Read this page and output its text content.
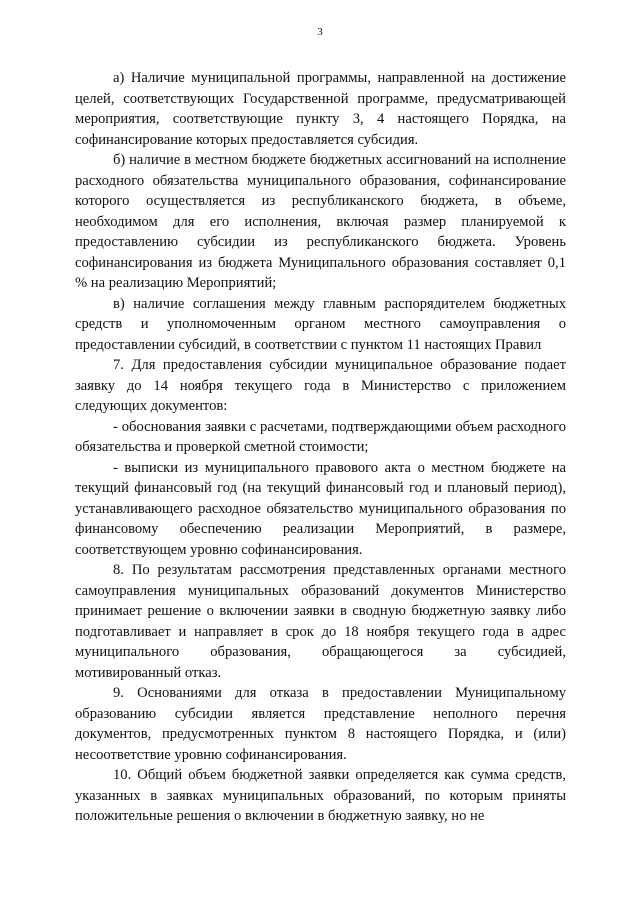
3

а) Наличие муниципальной программы, направленной на достижение целей, соответствующих Государственной программе, предусматривающей мероприятия, соответствующие пункту 3, 4 настоящего Порядка, на софинансирование которых предоставляется субсидия.

б) наличие в местном бюджете бюджетных ассигнований на исполнение расходного обязательства муниципального образования, софинансирование которого осуществляется из республиканского бюджета, в объеме, необходимом для его исполнения, включая размер планируемой к предоставлению субсидии из республиканского бюджета. Уровень софинансирования из бюджета Муниципального образования составляет 0,1 % на реализацию Мероприятий;

в) наличие соглашения между главным распорядителем бюджетных средств и уполномоченным органом местного самоуправления о предоставлении субсидий, в соответствии с пунктом 11 настоящих Правил

7. Для предоставления субсидии муниципальное образование подает заявку до 14 ноября текущего года в Министерство с приложением следующих документов:

- обоснования заявки с расчетами, подтверждающими объем расходного обязательства и проверкой сметной стоимости;

- выписки из муниципального правового акта о местном бюджете на текущий финансовый год (на текущий финансовый год и плановый период), устанавливающего расходное обязательство муниципального образования по финансовому обеспечению реализации Мероприятий, в размере, соответствующем уровню софинансирования.

8. По результатам рассмотрения представленных органами местного самоуправления муниципальных образований документов Министерство принимает решение о включении заявки в сводную бюджетную заявку либо подготавливает и направляет в срок до 18 ноября текущего года в адрес муниципального образования, обращающегося за субсидией, мотивированный отказ.

9. Основаниями для отказа в предоставлении Муниципальному образованию субсидии является представление неполного перечня документов, предусмотренных пунктом 8 настоящего Порядка, и (или) несоответствие уровню софинансирования.

10. Общий объем бюджетной заявки определяется как сумма средств, указанных в заявках муниципальных образований, по которым приняты положительные решения о включении в бюджетную заявку, но не
